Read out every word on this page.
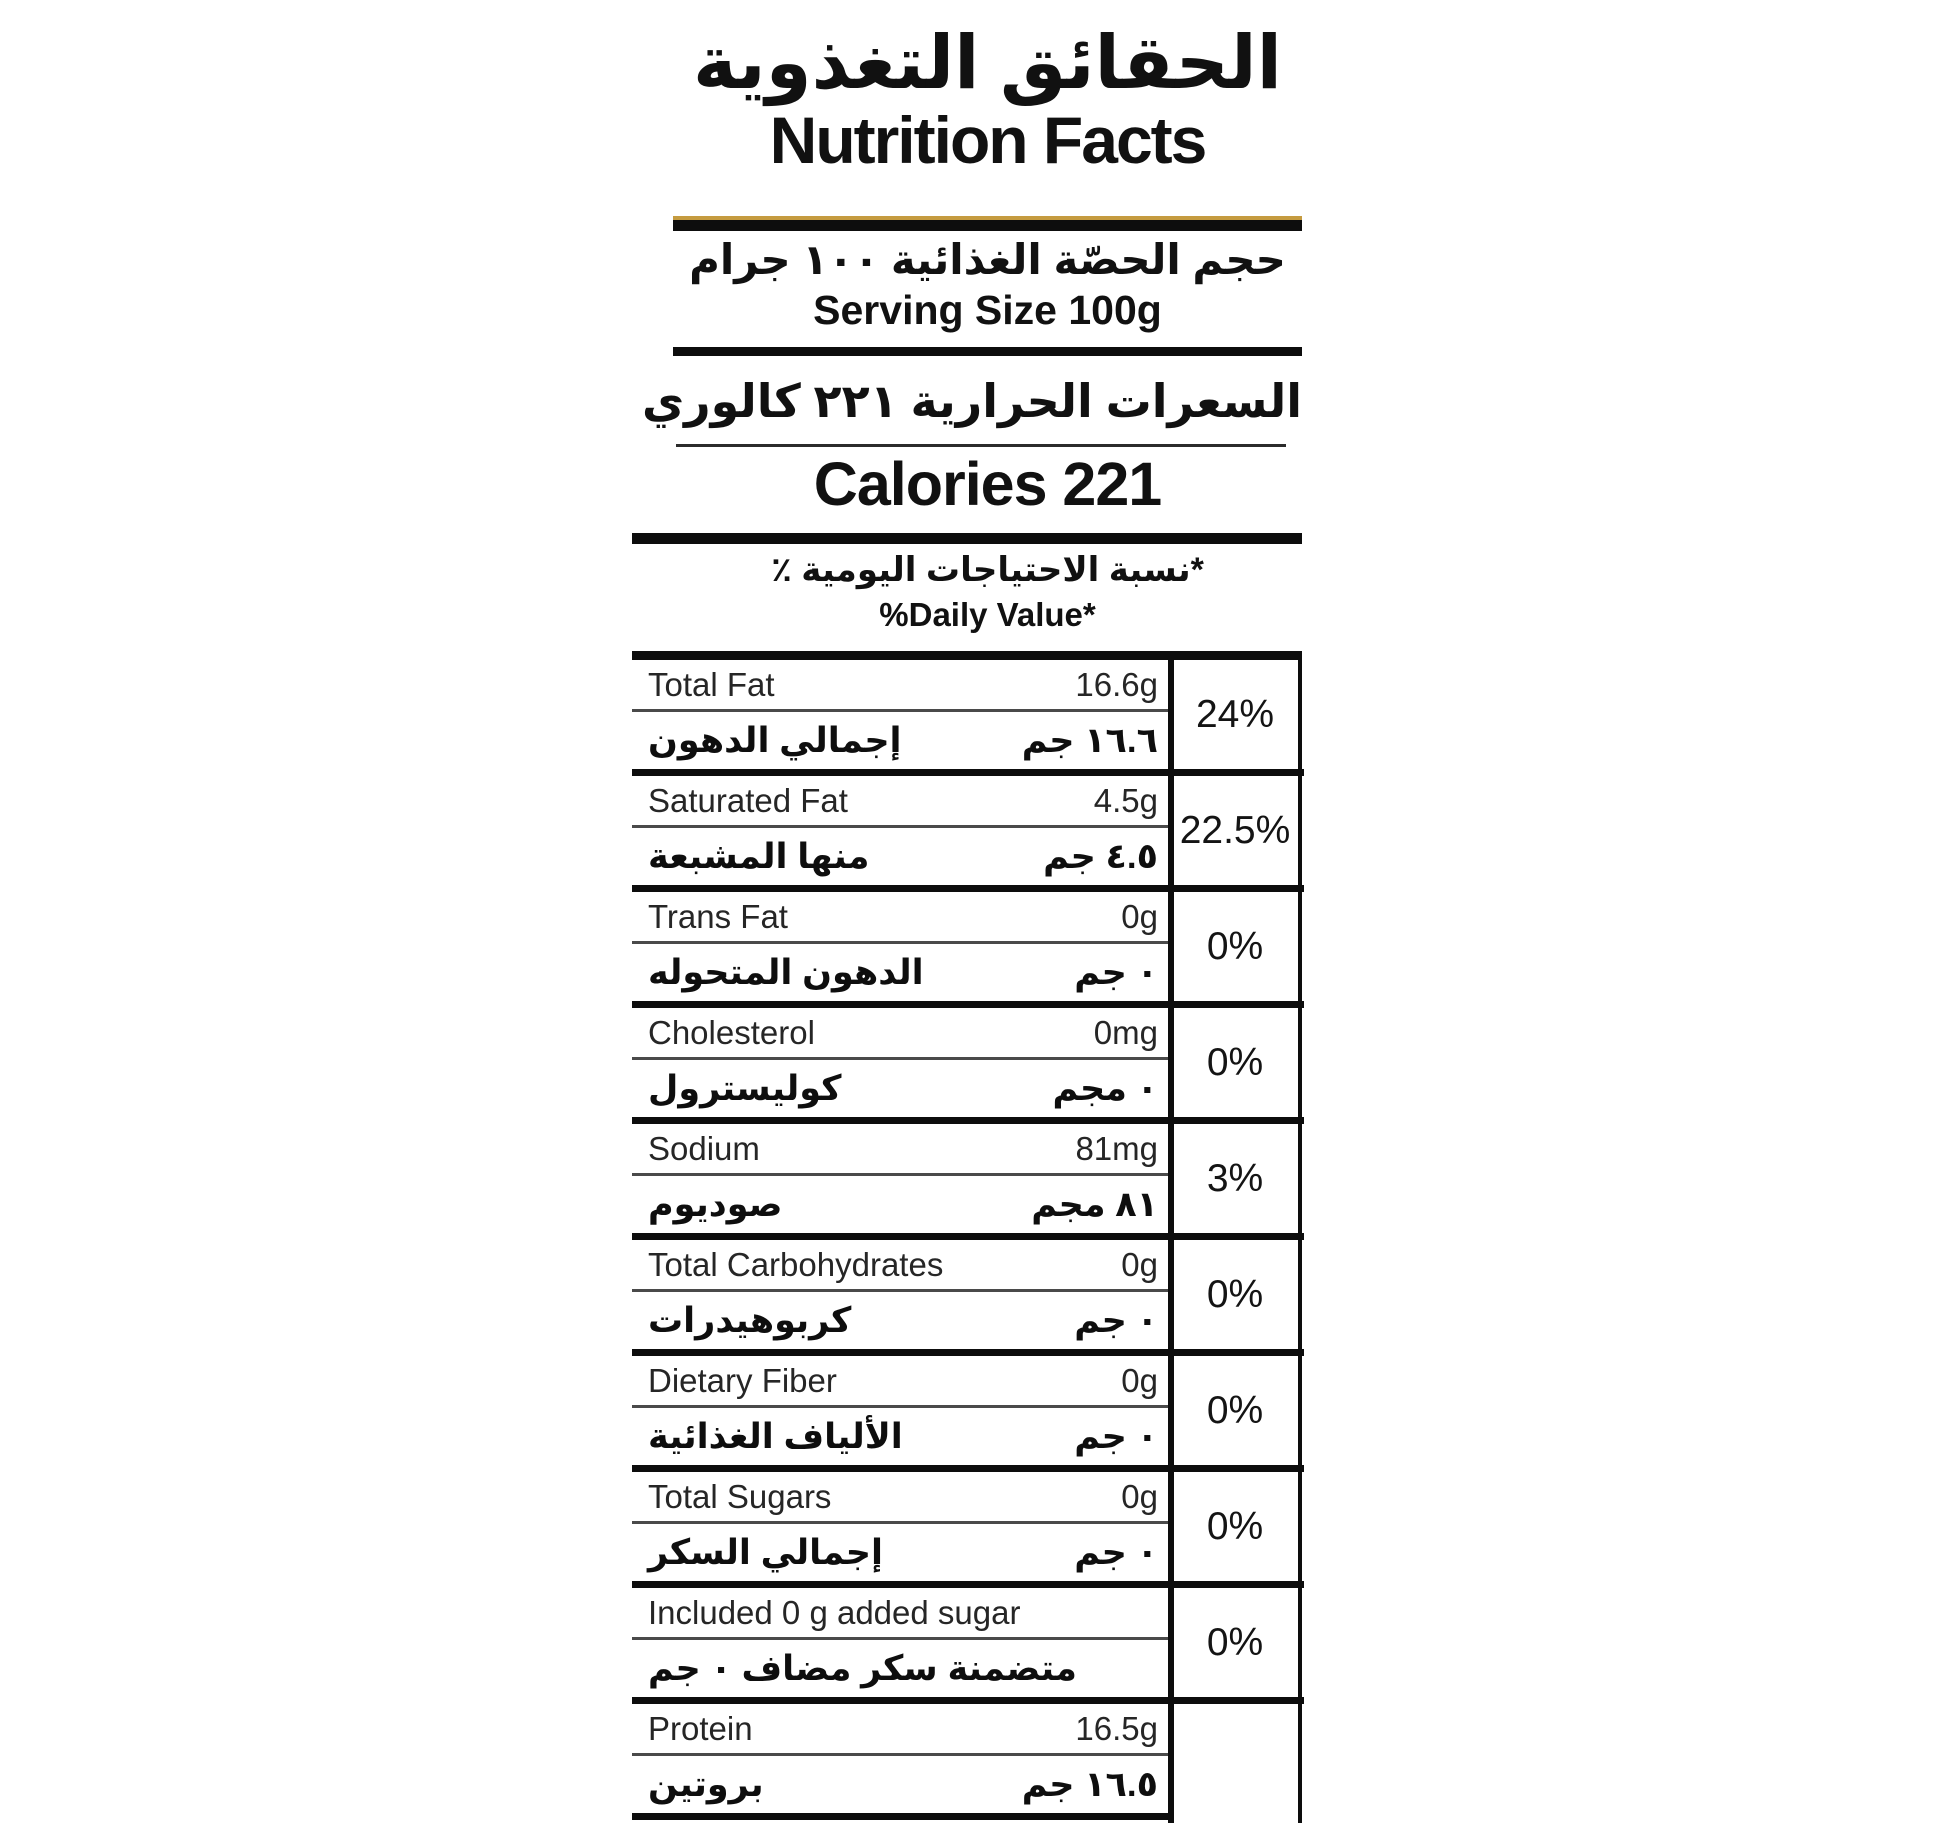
الحقائق التغذوية
Nutrition Facts
حجم الحصّة الغذائية ١٠٠ جرام
Serving Size 100g
السعرات الحرارية ٢٢١ كالوري
Calories 221
*نسبة الاحتياجات اليومية ٪
%Daily Value*
Total Fat	16.6g
إجمالي الدهون	١٦.٦ جم
24%
Saturated Fat	4.5g
منها المشبعة	٤.٥ جم
22.5%
Trans Fat	0g
الدهون المتحوله	٠ جم
0%
Cholesterol	0mg
كوليسترول	٠ مجم
0%
Sodium	81mg
صوديوم	٨١ مجم
3%
Total Carbohydrates	0g
كربوهيدرات	٠ جم
0%
Dietary Fiber	0g
الألياف الغذائية	٠ جم
0%
Total Sugars	0g
إجمالي السكر	٠ جم
0%
Included 0 g added sugar
متضمنة سكر مضاف ٠ جم
0%
Protein	16.5g
بروتين	١٦.٥ جم
